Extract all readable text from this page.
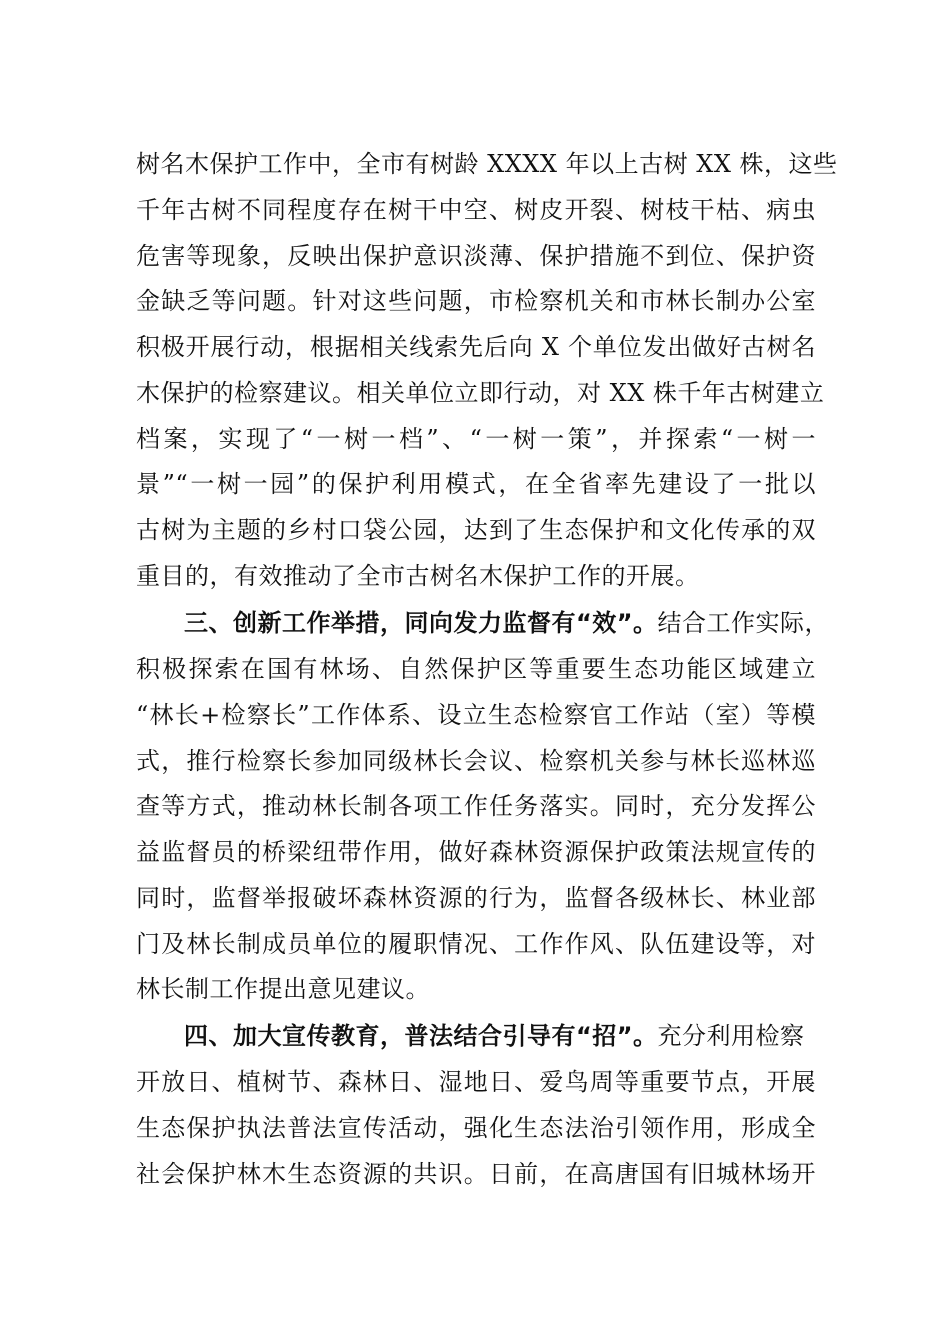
树名木保护工作中，全市有树龄 XXXX 年以上古树 XX 株，这些
千年古树不同程度存在树干中空、树皮开裂、树枝干枯、病虫
危害等现象，反映出保护意识淡薄、保护措施不到位、保护资
金缺乏等问题。针对这些问题，市检察机关和市林长制办公室
积极开展行动，根据相关线索先后向 X 个单位发出做好古树名
木保护的检察建议。相关单位立即行动，对 XX 株千年古树建立
档案，实现了“一树一档”、“一树一策”，并探索“一树一
景”“一树一园”的保护利用模式，在全省率先建设了一批以
古树为主题的乡村口袋公园，达到了生态保护和文化传承的双
重目的，有效推动了全市古树名木保护工作的开展。
三、创新工作举措，同向发力监督有“效”。结合工作实际，
积极探索在国有林场、自然保护区等重要生态功能区域建立
“林长+检察长”工作体系、设立生态检察官工作站（室）等模
式，推行检察长参加同级林长会议、检察机关参与林长巡林巡
查等方式，推动林长制各项工作任务落实。同时，充分发挥公
益监督员的桥梁纽带作用，做好森林资源保护政策法规宣传的
同时，监督举报破坏森林资源的行为，监督各级林长、林业部
门及林长制成员单位的履职情况、工作作风、队伍建设等，对
林长制工作提出意见建议。
四、加大宣传教育，普法结合引导有“招”。充分利用检察
开放日、植树节、森林日、湿地日、爱鸟周等重要节点，开展
生态保护执法普法宣传活动，强化生态法治引领作用，形成全
社会保护林木生态资源的共识。日前，在高唐国有旧城林场开
